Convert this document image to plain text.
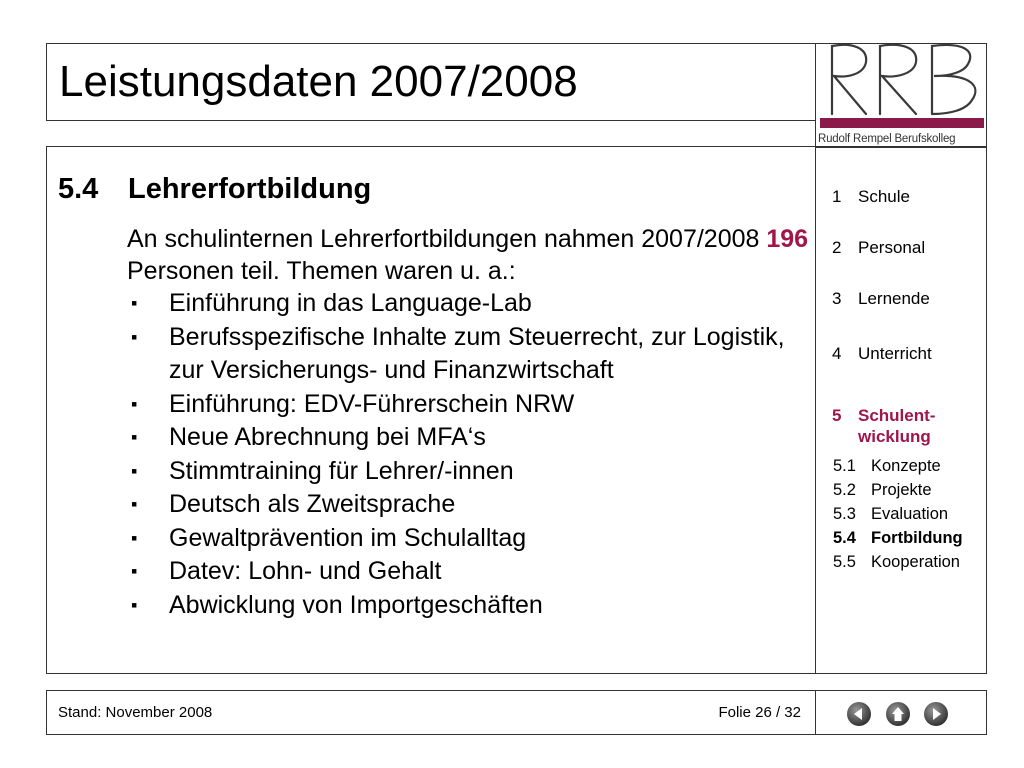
Leistungsdaten 2007/2008
Rudolf Rempel Berufskolleg
5.4 Lehrerfortbildung
An schulinternen Lehrerfortbildungen nahmen 2007/2008 196 Personen teil. Themen waren u. a.:
▪ Einführung in das Language-Lab
▪ Berufsspezifische Inhalte zum Steuerrecht, zur Logistik, zur Versicherungs- und Finanzwirtschaft
▪ Einführung: EDV-Führerschein NRW
▪ Neue Abrechnung bei MFA‘s
▪ Stimmtraining für Lehrer/-innen
▪ Deutsch als Zweitsprache
▪ Gewaltprävention im Schulalltag
▪ Datev: Lohn- und Gehalt
▪ Abwicklung von Importgeschäften
1 Schule
2 Personal
3 Lernende
4 Unterricht
5 Schulent-
wicklung
5.1 Konzepte
5.2 Projekte
5.3 Evaluation
5.4 Fortbildung
5.5 Kooperation
Stand: November 2008	Folie 26 / 32
